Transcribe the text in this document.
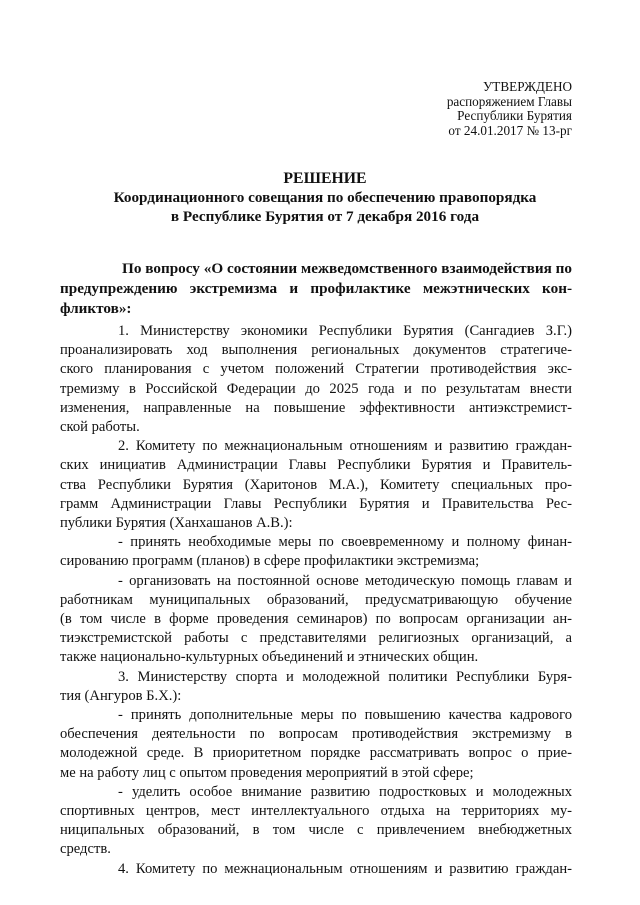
УТВЕРЖДЕНО
распоряжением Главы
Республики Бурятия
от 24.01.2017 № 13-рг
РЕШЕНИЕ
Координационного совещания по обеспечению правопорядка
в Республике Бурятия от 7 декабря 2016 года
По вопросу «О состоянии межведомственного взаимодействия по
предупреждению экстремизма и профилактике межэтнических кон-
фликтов»:
1. Министерству экономики Республики Бурятия (Сангадиев З.Г.)
проанализировать ход выполнения региональных документов стратегиче-
ского планирования с учетом положений Стратегии противодействия экс-
тремизму в Российской Федерации до 2025 года и по результатам внести
изменения, направленные на повышение эффективности антиэкстремист-
ской работы.
2. Комитету по межнациональным отношениям и развитию граждан-
ских инициатив Администрации Главы Республики Бурятия и Правитель-
ства Республики Бурятия (Харитонов М.А.), Комитету специальных про-
грамм Администрации Главы Республики Бурятия и Правительства Рес-
публики Бурятия (Ханхашанов А.В.):
- принять необходимые меры по своевременному и полному финан-
сированию программ (планов) в сфере профилактики экстремизма;
- организовать на постоянной основе методическую помощь главам и
работникам муниципальных образований, предусматривающую обучение
(в том числе в форме проведения семинаров) по вопросам организации ан-
тиэкстремистской работы с представителями религиозных организаций, а
также национально-культурных объединений и этнических общин.
3. Министерству спорта и молодежной политики Республики Буря-
тия (Ангуров Б.Х.):
- принять дополнительные меры по повышению качества кадрового
обеспечения деятельности по вопросам противодействия экстремизму в
молодежной среде. В приоритетном порядке рассматривать вопрос о прие-
ме на работу лиц с опытом проведения мероприятий в этой сфере;
- уделить особое внимание развитию подростковых и молодежных
спортивных центров, мест интеллектуального отдыха на территориях му-
ниципальных образований, в том числе с привлечением внебюджетных
средств.
4. Комитету по межнациональным отношениям и развитию граждан-
